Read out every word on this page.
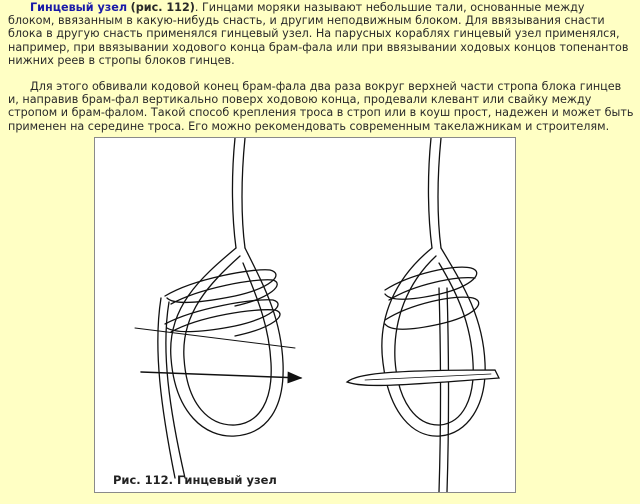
Гинцевый узел (рис. 112). Гинцами моряки называют небольшие тали, основанные между блоком, ввязанным в какую-нибудь снасть, и другим неподвижным блоком. Для ввязывания снасти блока в другую снасть применялся гинцевый узел. На парусных кораблях гинцевый узел применялся, например, при ввязывании ходового конца брам-фала или при ввязывании ходовых концов топенантов нижних реев в стропы блоков гинцев.

Для этого обвивали кодовой конец брам-фала два раза вокруг верхней части стропа блока гинцев и, направив брам-фал вертикально поверх ходовою конца, продевали клевант или свайку между стропом и брам-фалом. Такой способ крепления троса в строп или в коуш прост, надежен и может быть применен на середине троса. Его можно рекомендовать современным такелажникам и строителям.

Рис. 112. Гинцевый узел
